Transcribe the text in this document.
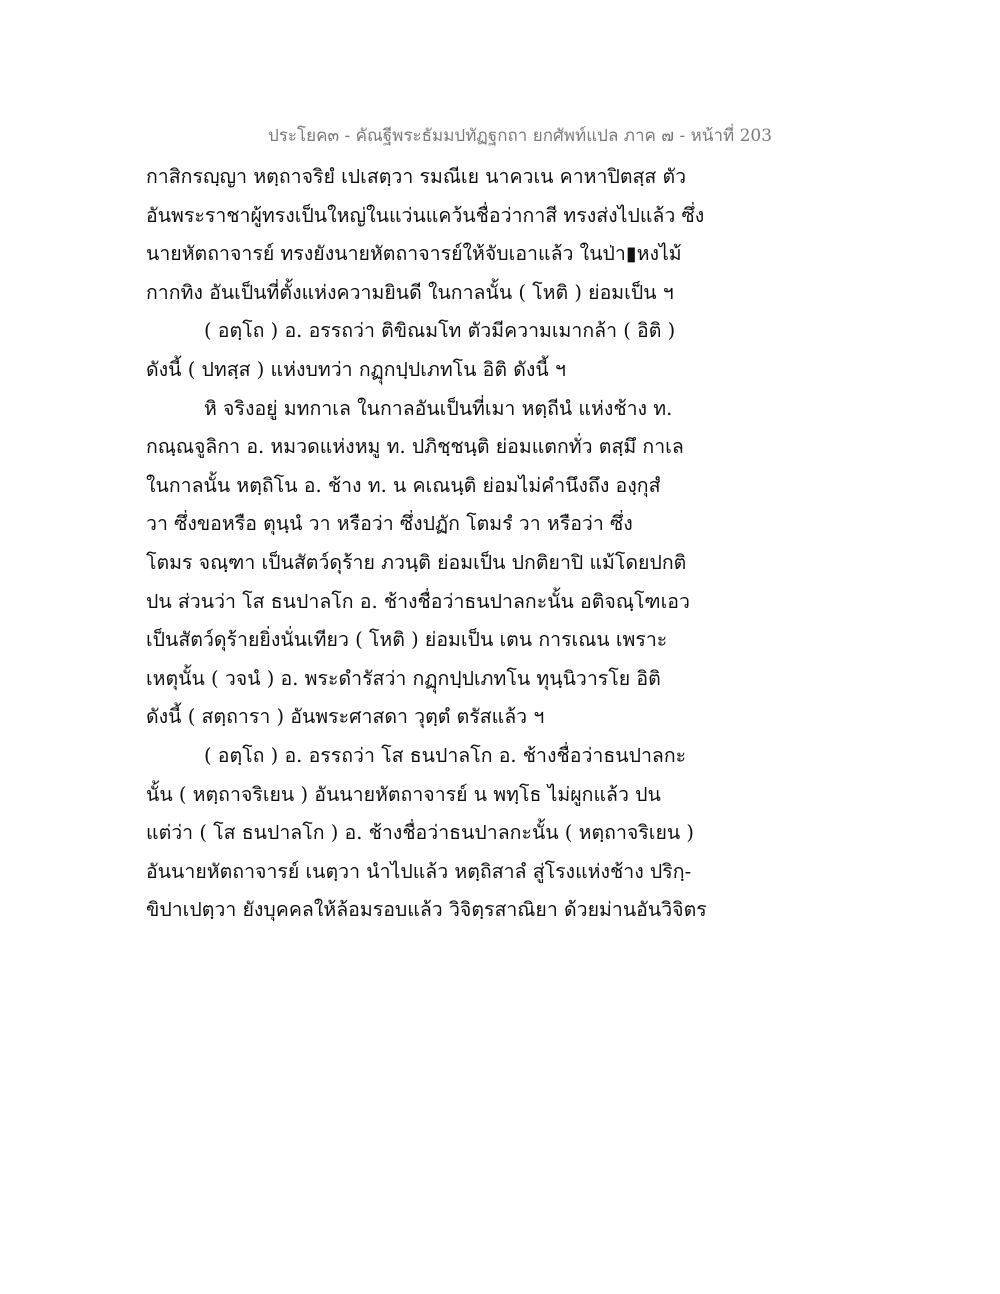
ประโยค๓ - คัณฐีพระธัมมปทัฏฐกถา ยกศัพท์แปล ภาค ๗ - หน้าที่ 203
กาสิกรญฺญา หตฺถาจริยํ เปเสตฺวา รมณีเย นาควเน คาหาปิตสฺส ตัว
อันพระราชาผู้ทรงเป็นใหญ่ในแว่นแคว้นชื่อว่ากาสี ทรงส่งไปแล้ว ซึ่ง
นายหัตถาจารย์ ทรงยังนายหัตถาจารย์ให้จับเอาแล้ว ในป่า▮หงไม้
กากทิง อันเป็นที่ตั้งแห่งความยินดี ในกาลนั้น ( โหติ ) ย่อมเป็น ฯ
( อตฺโถ ) อ. อรรถว่า ติขิณมโท ตัวมีความเมากล้า ( อิติ )
ดังนี้ ( ปทสฺส ) แห่งบทว่า กฏุกปฺปเภทโน อิติ ดังนี้ ฯ
หิ จริงอยู่ มทกาเล ในกาลอันเป็นที่เมา หตฺถีนํ แห่งช้าง ท.
กณฺณจูลิกา อ. หมวดแห่งหมู ท. ปภิชฺชนฺติ ย่อมแตกทั่ว ตสฺมึ กาเล
ในกาลนั้น หตฺถิโน อ. ช้าง ท. น คเณนฺติ ย่อมไม่คำนึงถึง องฺกุสํ
วา ซึ่งขอหรือ ตุนฺนํ วา หรือว่า ซึ่งปฏัก โตมรํ วา หรือว่า ซึ่ง
โตมร จณฺฑา เป็นสัตว์ดุร้าย ภวนฺติ ย่อมเป็น ปกติยาปิ แม้โดยปกติ
ปน ส่วนว่า โส ธนปาลโก อ. ช้างชื่อว่าธนปาลกะนั้น อติจณฺโฑเอว
เป็นสัตว์ดุร้ายยิ่งนั่นเทียว ( โหติ ) ย่อมเป็น เตน การเณน เพราะ
เหตุนั้น ( วจนํ ) อ. พระดำรัสว่า กฏุกปฺปเภทโน ทุนฺนิวารโย อิติ
ดังนี้ ( สตฺถารา ) อันพระศาสดา วุตฺตํ ตรัสแล้ว ฯ
( อตฺโถ ) อ. อรรถว่า โส ธนปาลโก อ. ช้างชื่อว่าธนปาลกะ
นั้น ( หตฺถาจริเยน ) อันนายหัตถาจารย์ น พทฺโธ ไม่ผูกแล้ว ปน
แต่ว่า ( โส ธนปาลโก ) อ. ช้างชื่อว่าธนปาลกะนั้น ( หตฺถาจริเยน )
อันนายหัตถาจารย์ เนตฺวา นำไปแล้ว หตฺถิสาลํ สู่โรงแห่งช้าง ปริกฺ-
ขิปาเปตฺวา ยังบุคคลให้ล้อมรอบแล้ว วิจิตฺรสาณิยา ด้วยม่านอันวิจิตร
